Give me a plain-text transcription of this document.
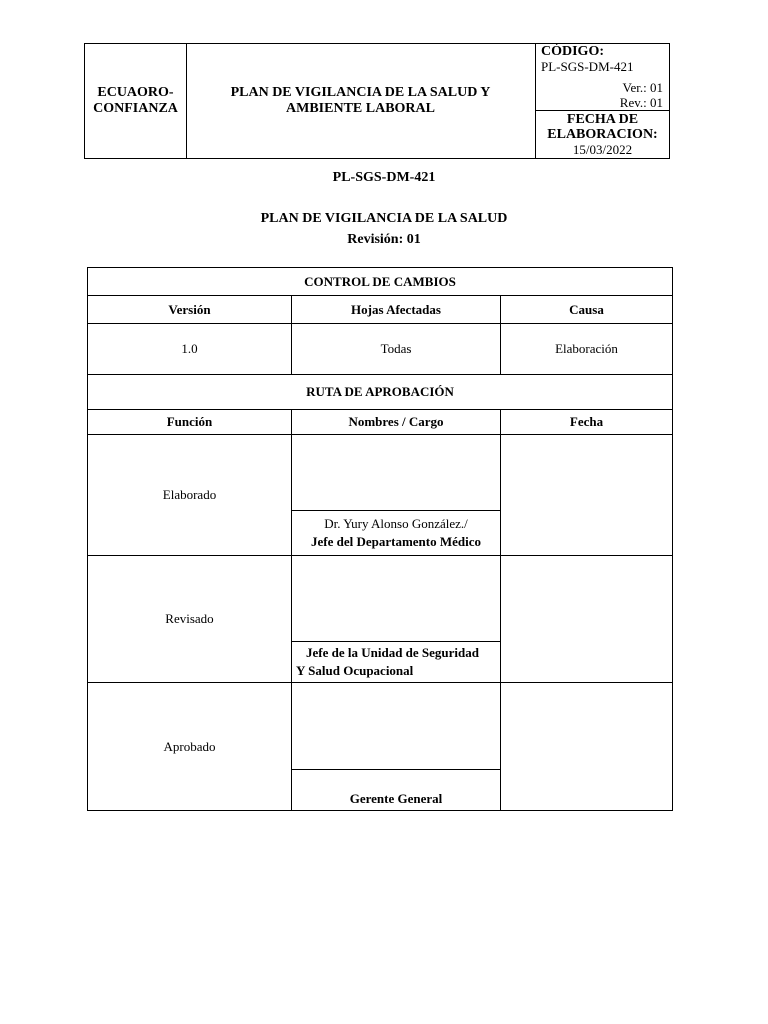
ECUAORO-CONFIANZA
PLAN DE VIGILANCIA DE LA SALUD Y AMBIENTE LABORAL
CÓDIGO:
PL-SGS-DM-421
Ver.: 01
Rev.: 01
FECHA DE ELABORACION:
15/03/2022
PL-SGS-DM-421
PLAN DE VIGILANCIA DE LA SALUD
Revisión: 01
CONTROL DE CAMBIOS		
Versión	Hojas Afectadas	Causa
1.0	Todas	Elaboración
RUTA DE APROBACIÓN		
Función	Nombres / Cargo	Fecha
Elaborado	Dr. Yury Alonso González./
Jefe del Departamento Médico	

Revisado	Jefe de la Unidad de Seguridad
Y Salud Ocupacional	

Aprobado	Gerente General	
